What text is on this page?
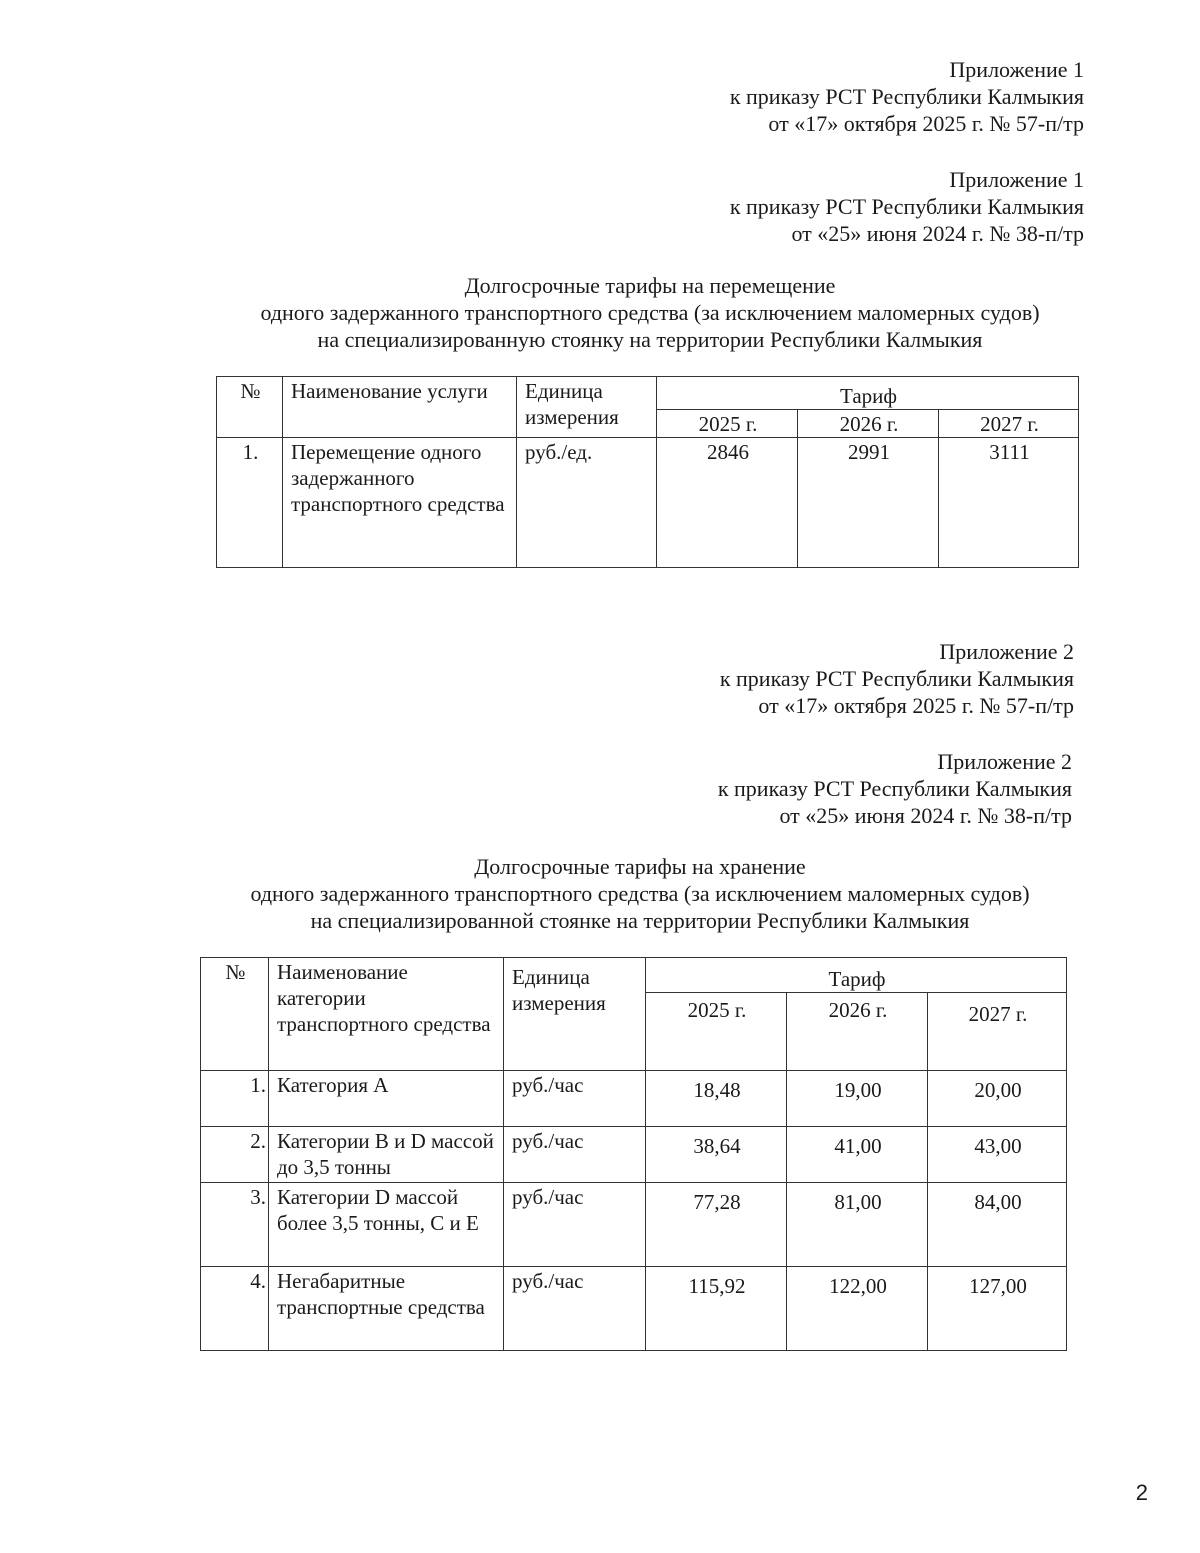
Приложение 1
к приказу РСТ Республики Калмыкия
от «17» октября 2025 г. № 57-п/тр
Приложение 1
к приказу РСТ Республики Калмыкия
от «25» июня 2024 г. № 38-п/тр
Долгосрочные тарифы на перемещение
одного задержанного транспортного средства (за исключением маломерных судов)
на специализированную стоянку на территории Республики Калмыкия
№	Наименование услуги	Единица измерения	Тариф		
			2025 г.	2026 г.	2027 г.
1.	Перемещение одного задержанного транспортного средства	руб./ед.	2846	2991	3111
Приложение 2
к приказу РСТ Республики Калмыкия
от «17» октября 2025 г. № 57-п/тр
Приложение 2
к приказу РСТ Республики Калмыкия
от «25» июня 2024 г. № 38-п/тр
Долгосрочные тарифы на хранение
одного задержанного транспортного средства (за исключением маломерных судов)
на специализированной стоянке на территории Республики Калмыкия
№	Наименование категории транспортного средства	Единица измерения	Тариф		
			2025 г.	2026 г.	2027 г.
1.	Категория А	руб./час	18,48	19,00	20,00
2.	Категории В и D массой до 3,5 тонны	руб./час	38,64	41,00	43,00
3.	Категории D массой более 3,5 тонны, С и Е	руб./час	77,28	81,00	84,00
4.	Негабаритные транспортные средства	руб./час	115,92	122,00	127,00
2
